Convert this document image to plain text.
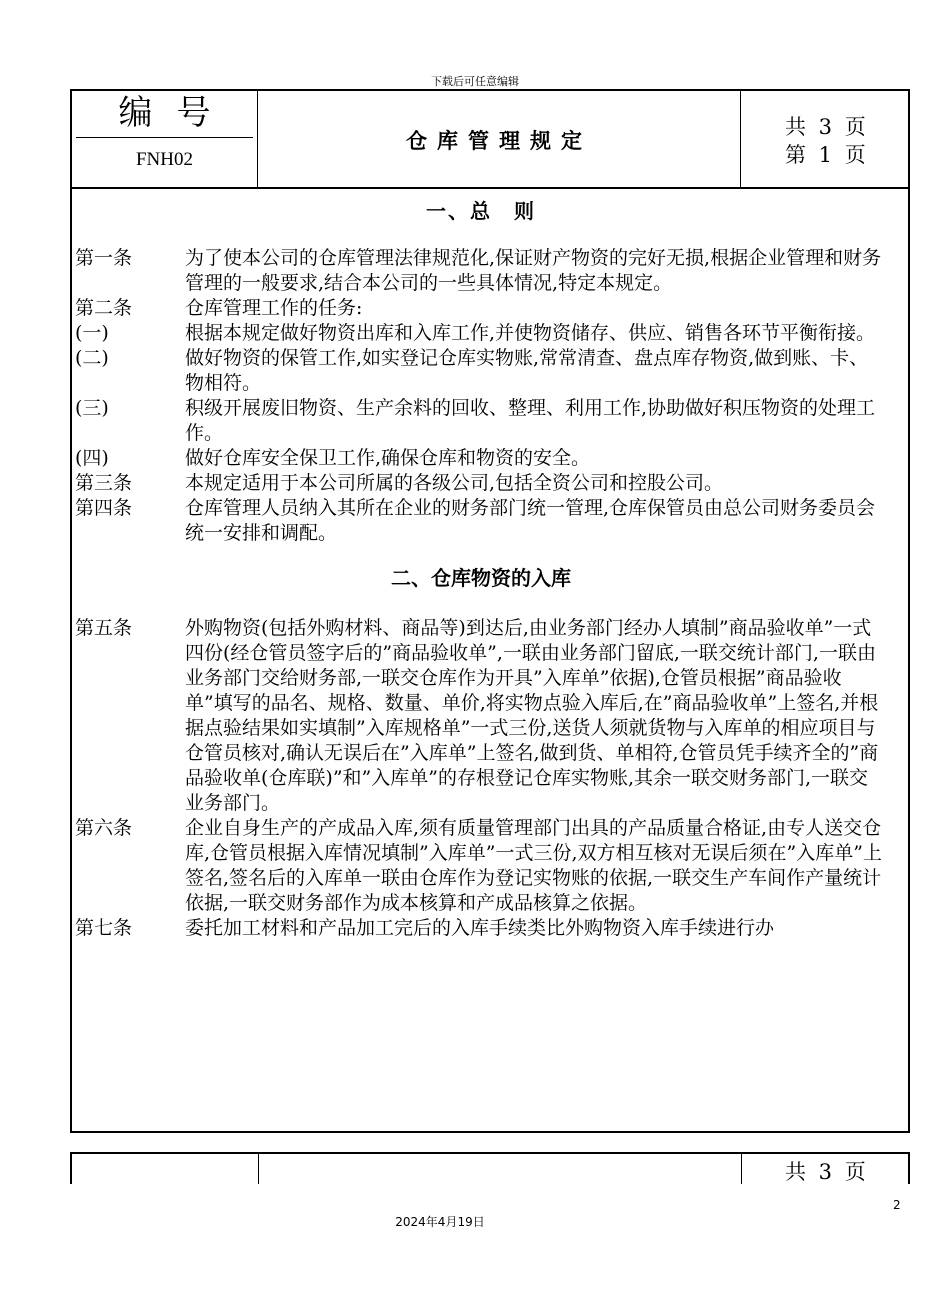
下载后可任意编辑
编号
FNH02
仓库管理规定
共 3 页
第 1 页
一、总　则

第一条	为了使本公司的仓库管理法律规范化,保证财产物资的完好无损,根据企业管理和财务管理的一般要求,结合本公司的一些具体情况,特定本规定。

第二条	仓库管理工作的任务:

(一)	根据本规定做好物资出库和入库工作,并使物资储存、供应、销售各环节平衡衔接。

(二)	做好物资的保管工作,如实登记仓库实物账,常常清查、盘点库存物资,做到账、卡、物相符。

(三)	积级开展废旧物资、生产余料的回收、整理、利用工作,协助做好积压物资的处理工作。

(四)	做好仓库安全保卫工作,确保仓库和物资的安全。

第三条	本规定适用于本公司所属的各级公司,包括全资公司和控股公司。

第四条	仓库管理人员纳入其所在企业的财务部门统一管理,仓库保管员由总公司财务委员会统一安排和调配。

二、仓库物资的入库

第五条	外购物资(包括外购材料、商品等)到达后,由业务部门经办人填制”商品验收单”一式四份(经仓管员签字后的”商品验收单”,一联由业务部门留底,一联交统计部门,一联由业务部门交给财务部,一联交仓库作为开具”入库单”依据),仓管员根据”商品验收单”填写的品名、规格、数量、单价,将实物点验入库后,在”商品验收单”上签名,并根据点验结果如实填制”入库规格单”一式三份,送货人须就货物与入库单的相应项目与仓管员核对,确认无误后在”入库单”上签名,做到货、单相符,仓管员凭手续齐全的”商品验收单(仓库联)”和”入库单”的存根登记仓库实物账,其余一联交财务部门,一联交业务部门。

第六条	企业自身生产的产成品入库,须有质量管理部门出具的产品质量合格证,由专人送交仓库,仓管员根据入库情况填制”入库单”一式三份,双方相互核对无误后须在”入库单”上签名,签名后的入库单一联由仓库作为登记实物账的依据,一联交生产车间作产量统计依据,一联交财务部作为成本核算和产成品核算之依据。

第七条	委托加工材料和产品加工完后的入库手续类比外购物资入库手续进行办

共 3 页
2
2024年4月19日
